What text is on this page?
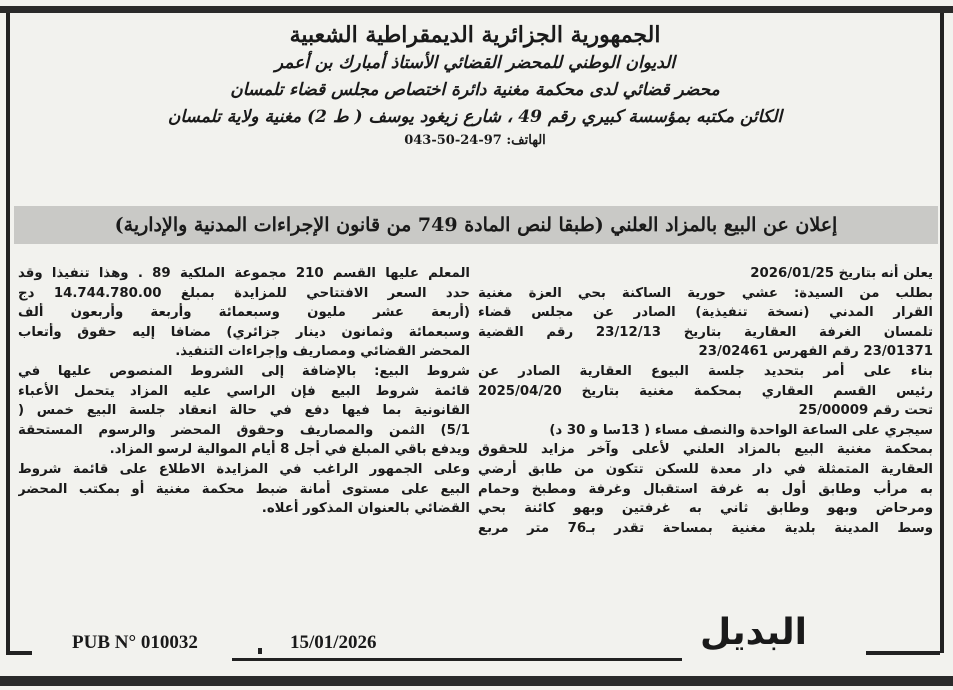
الجمهورية الجزائرية الديمقراطية الشعبية
الديوان الوطني للمحضر القضائي الأستاذ أمبارك بن أعمر
محضر قضائي لدى محكمة مغنية دائرة اختصاص مجلس قضاء تلمسان
الكائن مكتبه بمؤسسة كبيري رقم 49 ، شارع زيغود يوسف ( ط 2) مغنية ولاية تلمسان
الهاتف: 97-24-50-043
إعلان عن البيع بالمزاد العلني (طبقا لنص المادة 749 من قانون الإجراءات المدنية والإدارية)
يعلن أنه بتاريخ 2026/01/25
بطلب من السيدة: عشي حورية الساكنة بحي العزة مغنية
القرار المدني (نسخة تنفيذية) الصادر عن مجلس قضاء
تلمسان الغرفة العقارية بتاريخ 23/12/13 رقم القضية
23/01371 رقم الفهرس 23/02461
بناء على أمر بتحديد جلسة البيوع العقارية الصادر عن
رئيس القسم العقاري بمحكمة مغنية بتاريخ 2025/04/20
تحت رقم 25/00009
سيجري على الساعة الواحدة والنصف مساء ( 13سا و 30 د)
بمحكمة مغنية البيع بالمزاد العلني لأعلى وآخر مزايد للحقوق
العقارية المتمثلة في دار معدة للسكن تتكون من طابق أرضي
به مرأب وطابق أول به غرفة استقبال وغرفة ومطبخ وحمام
ومرحاض وبهو وطابق ثاني به غرفتين وبهو كائنة بحي
وسط المدينة بلدية مغنية بمساحة تقدر بـ76 متر مربع
المعلم عليها القسم 210 مجموعة الملكية 89 . وهذا تنفيذا وقد
حدد السعر الافتتاحي للمزايدة بمبلغ 14.744.780.00 دج
(أربعة عشر مليون وسبعمائة وأربعة وأربعون ألف
وسبعمائة وثمانون دينار جزائري) مضافا إليه حقوق وأتعاب
المحضر القضائي ومصاريف وإجراءات التنفيذ.
شروط البيع: بالإضافة إلى الشروط المنصوص عليها في
قائمة شروط البيع فإن الراسي عليه المزاد يتحمل الأعباء
القانونية بما فيها دفع في حالة انعقاد جلسة البيع خمس (
5/1) الثمن والمصاريف وحقوق المحضر والرسوم المستحقة
ويدفع باقي المبلغ في أجل 8 أيام الموالية لرسو المزاد.
وعلى الجمهور الراغب في المزايدة الاطلاع على قائمة شروط
البيع على مستوى أمانة ضبط محكمة مغنية أو بمكتب المحضر
القضائي بالعنوان المذكور أعلاه.
PUB N° 010032	15/01/2026	البديل
